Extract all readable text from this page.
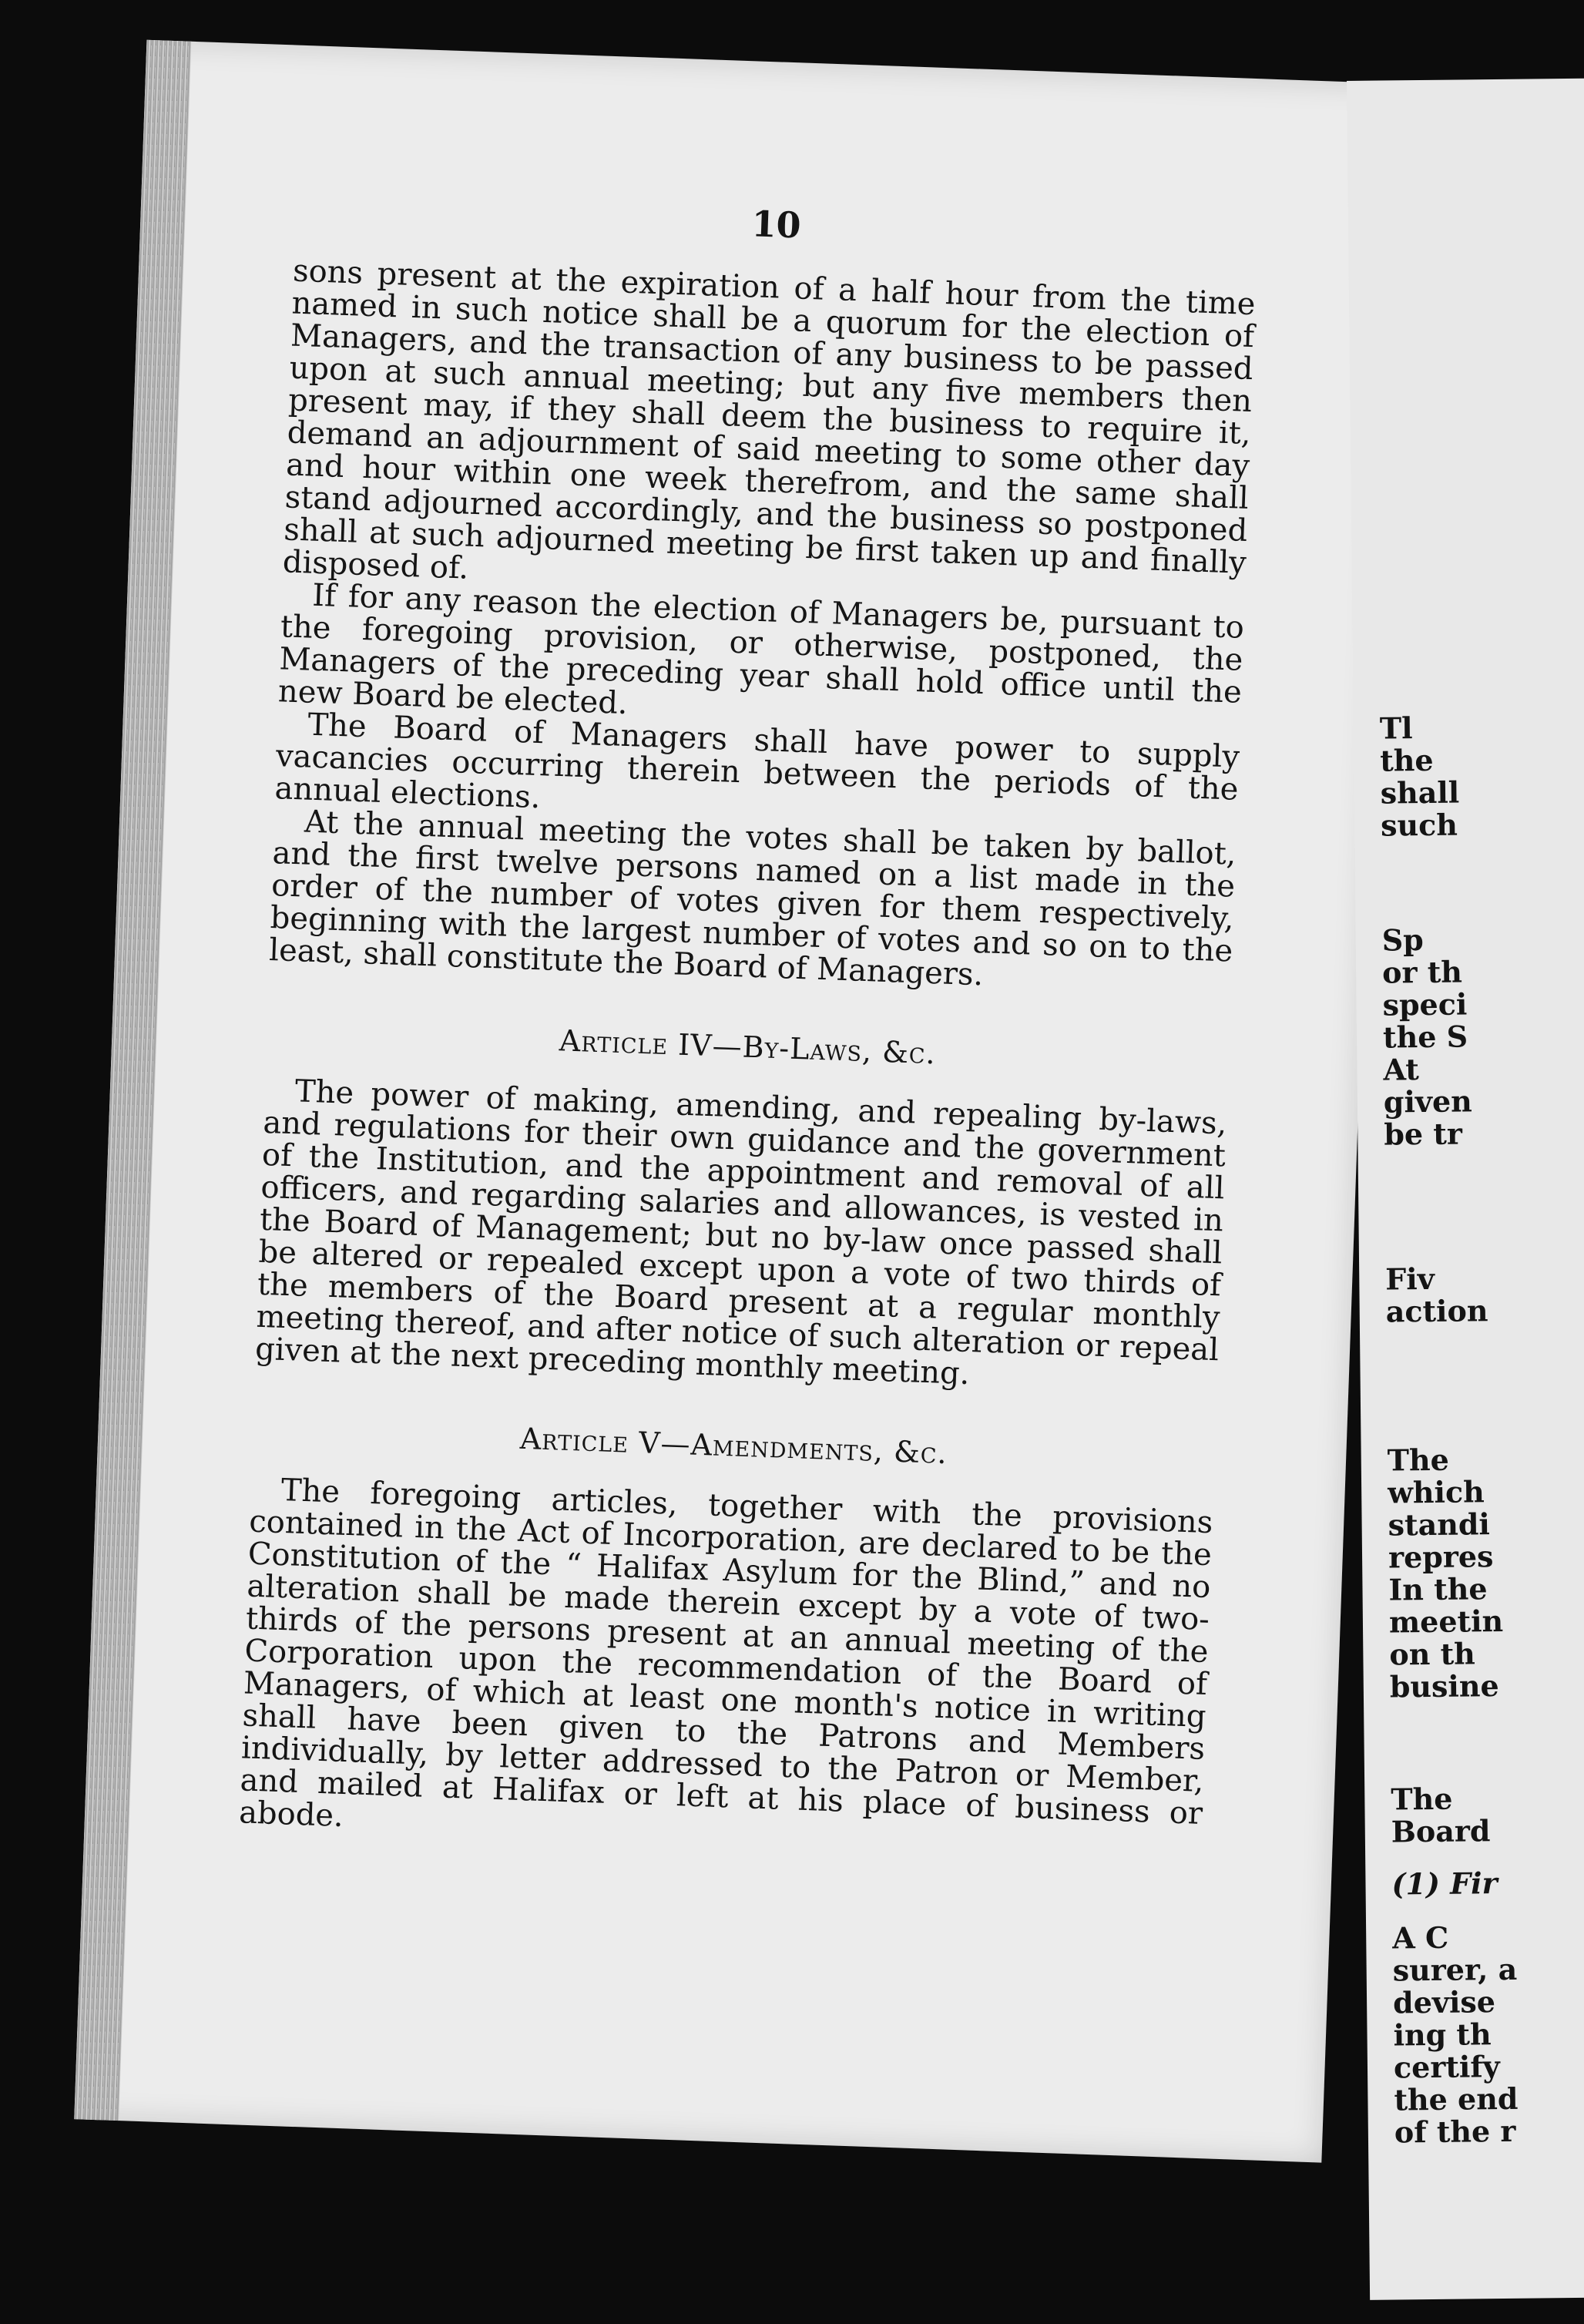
10

sons present at the expiration of a half hour from the time named in such notice shall be a quorum for the election of Managers, and the transaction of any business to be passed upon at such annual meeting; but any five members then present may, if they shall deem the business to require it, demand an adjournment of said meeting to some other day and hour within one week therefrom, and the same shall stand adjourned accordingly, and the business so postponed shall at such adjourned meeting be first taken up and finally disposed of.

If for any reason the election of Managers be, pursuant to the foregoing provision, or otherwise, postponed, the Managers of the preceding year shall hold office until the new Board be elected.

The Board of Managers shall have power to supply vacancies occurring therein between the periods of the annual elections.

At the annual meeting the votes shall be taken by ballot, and the first twelve persons named on a list made in the order of the number of votes given for them respectively, beginning with the largest number of votes and so on to the least, shall constitute the Board of Managers.

Article IV—By-Laws, &c.

The power of making, amending, and repealing by-laws, and regulations for their own guidance and the government of the Institution, and the appointment and removal of all officers, and regarding salaries and allowances, is vested in the Board of Management; but no by-law once passed shall be altered or repealed except upon a vote of two thirds of the members of the Board present at a regular monthly meeting thereof, and after notice of such alteration or repeal given at the next preceding monthly meeting.

Article V—Amendments, &c.

The foregoing articles, together with the provisions contained in the Act of Incorporation, are declared to be the Constitution of the “ Halifax Asylum for the Blind,” and no alteration shall be made therein except by a vote of two-thirds of the persons present at an annual meeting of the Corporation upon the recommendation of the Board of Managers, of which at least one month's notice in writing shall have been given to the Patrons and Members individually, by letter addressed to the Patron or Member, and mailed at Halifax or left at his place of business or abode.

Tl
the
shall
such
Sp
or th
speci
the S
At
given
be tr
Fiv
action
The
which
standi
repres
In the
meetin
on th
busine
The
Board
(1) Fir
A C
surer, a
devise
ing th
certify
the end
of the r
